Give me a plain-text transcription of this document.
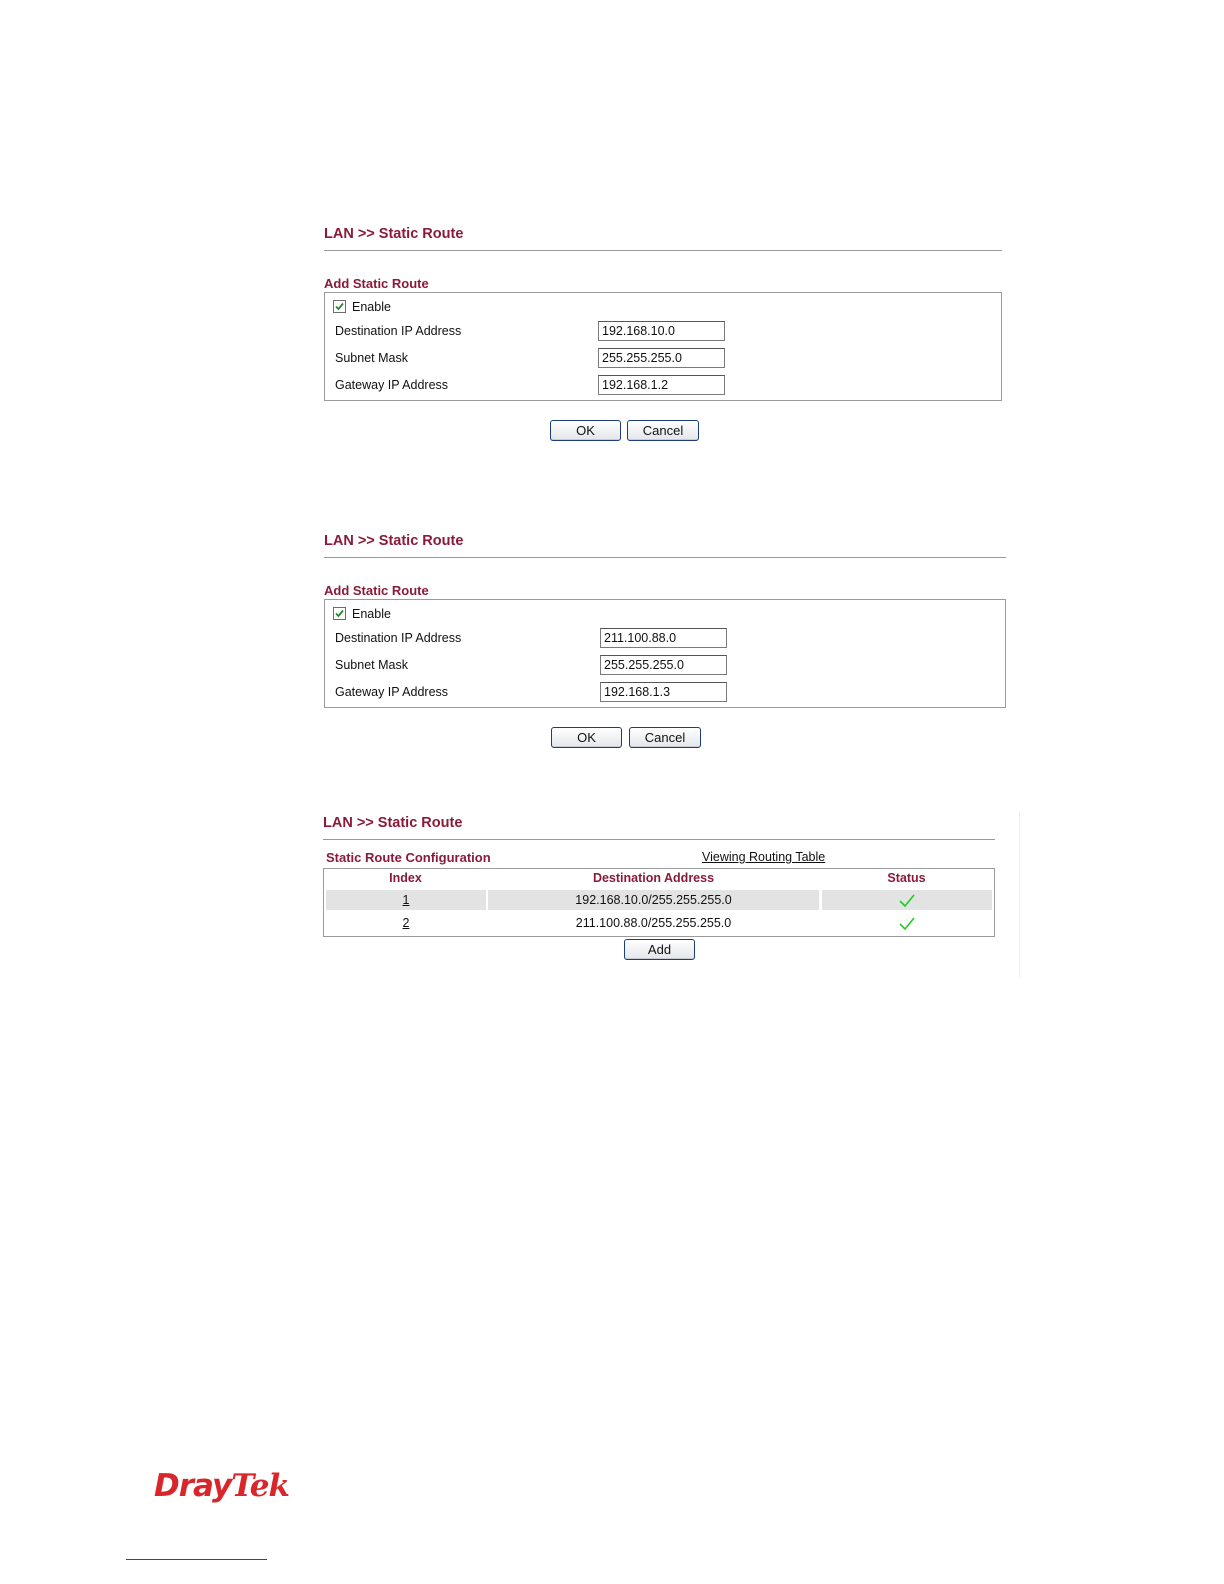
LAN >> Static Route
Add Static Route
Enable
Destination IP Address	192.168.10.0
Subnet Mask	255.255.255.0
Gateway IP Address	192.168.1.2
OK	Cancel
LAN >> Static Route
Add Static Route
Enable
Destination IP Address	211.100.88.0
Subnet Mask	255.255.255.0
Gateway IP Address	192.168.1.3
OK	Cancel
LAN >> Static Route
Static Route Configuration	Viewing Routing Table
Index	Destination Address	Status
1	192.168.10.0/255.255.255.0
2	211.100.88.0/255.255.255.0
Add
DrayTek
